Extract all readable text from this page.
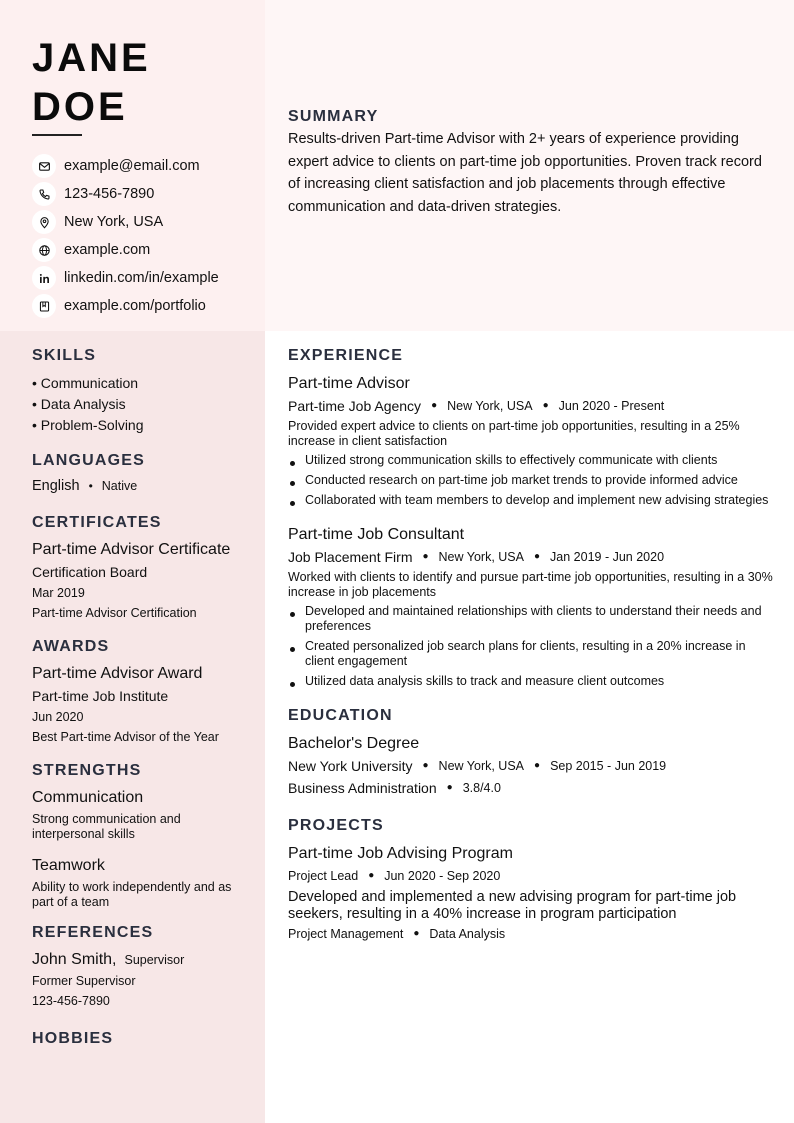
JANE
DOE
example@email.com
123-456-7890
New York, USA
example.com
linkedin.com/in/example
example.com/portfolio
SUMMARY

Results-driven Part-time Advisor with 2+ years of experience providing expert advice to clients on part-time job opportunities. Proven track record of increasing client satisfaction and job placements through effective communication and data-driven strategies.

SKILLS
• Communication
• Data Analysis
• Problem-Solving
LANGUAGES
English • Native
CERTIFICATES
Part-time Advisor Certificate
Certification Board
Mar 2019
Part-time Advisor Certification
AWARDS
Part-time Advisor Award
Part-time Job Institute
Jun 2020
Best Part-time Advisor of the Year
STRENGTHS
Communication
Strong communication and interpersonal skills
Teamwork
Ability to work independently and as part of a team
REFERENCES
John Smith, Supervisor
Former Supervisor
123-456-7890
HOBBIES
EXPERIENCE
Part-time Advisor
Part-time Job Agency ● New York, USA ● Jun 2020 - Present

Provided expert advice to clients on part-time job opportunities, resulting in a 25% increase in client satisfaction

Utilized strong communication skills to effectively communicate with clients
Conducted research on part-time job market trends to provide informed advice
Collaborated with team members to develop and implement new advising strategies
Part-time Job Consultant
Job Placement Firm ● New York, USA ● Jan 2019 - Jun 2020

Worked with clients to identify and pursue part-time job opportunities, resulting in a 30% increase in job placements

Developed and maintained relationships with clients to understand their needs and preferences
Created personalized job search plans for clients, resulting in a 20% increase in client engagement
Utilized data analysis skills to track and measure client outcomes
EDUCATION
Bachelor's Degree
New York University ● New York, USA ● Sep 2015 - Jun 2019
Business Administration ● 3.8/4.0
PROJECTS
Part-time Job Advising Program
Project Lead ● Jun 2020 - Sep 2020

Developed and implemented a new advising program for part-time job seekers, resulting in a 40% increase in program participation

Project Management ● Data Analysis
